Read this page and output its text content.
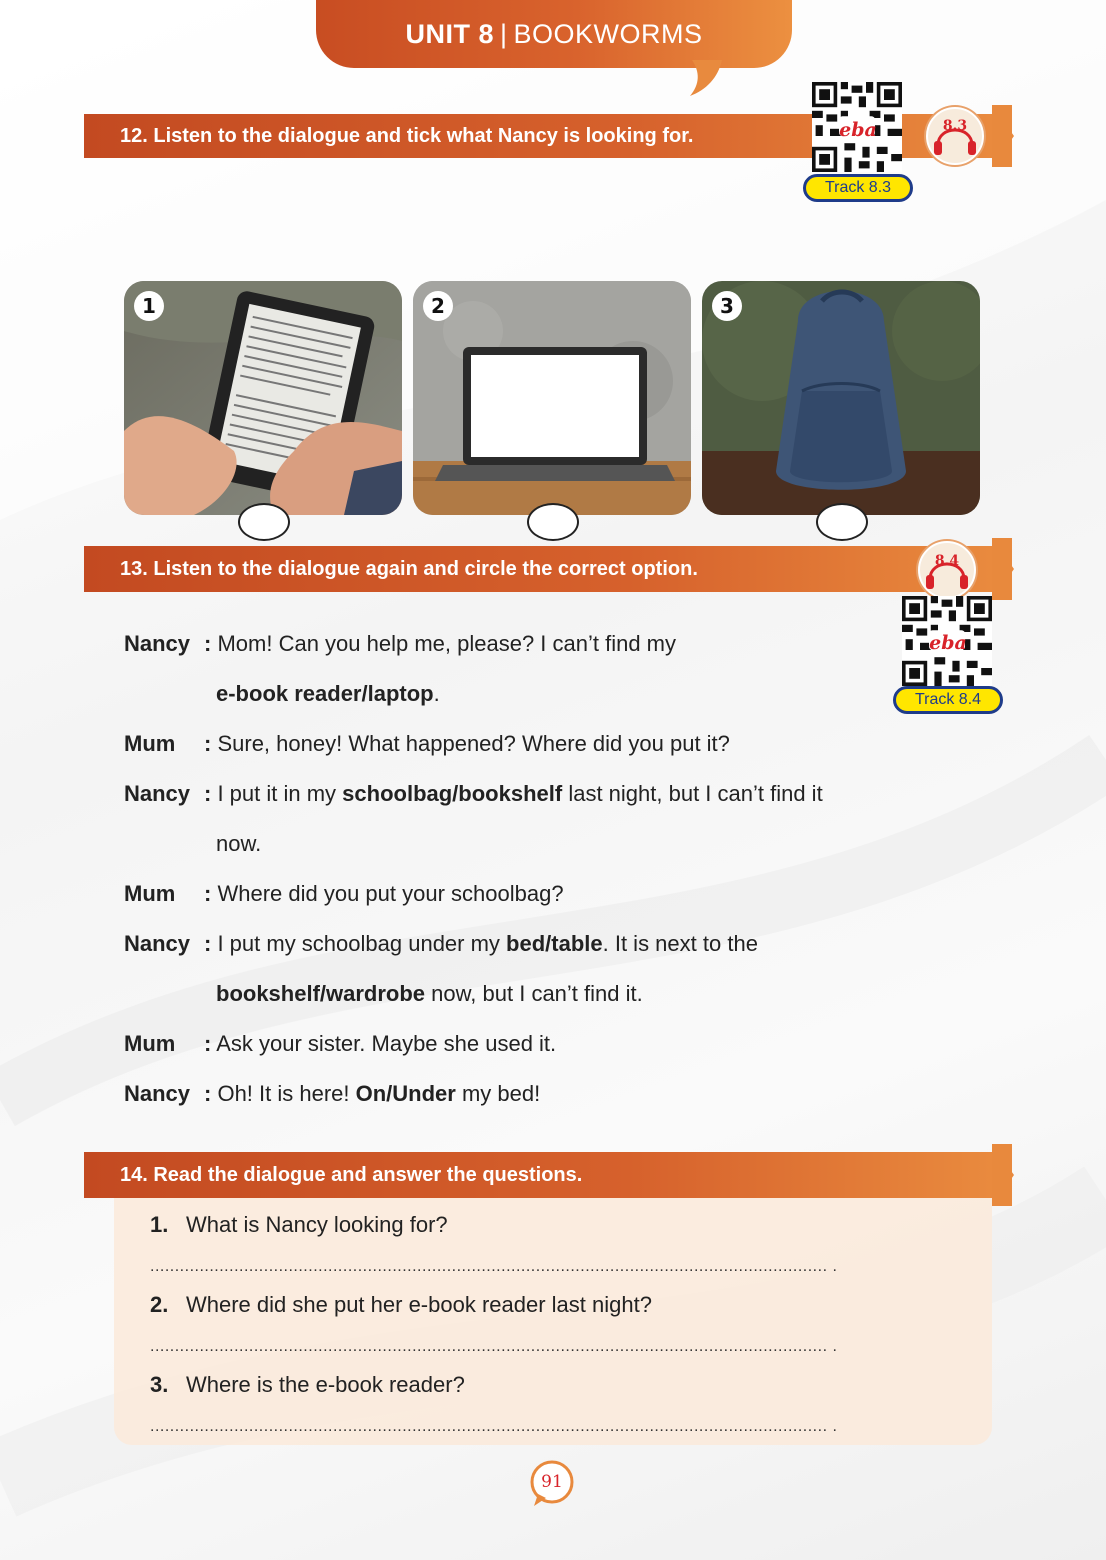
UNIT 8 | BOOKWORMS
12. Listen to the dialogue and tick what Nancy is looking for.	eba
Track 8.3
8.3
1	2	3
13. Listen to the dialogue again and circle the correct option.	8.4
eba
Track 8.4
Nancy : Mom! Can you help me, please? I can’t find my
e-book reader/laptop.
Mum : Sure, honey! What happened? Where did you put it?
Nancy : I put it in my schoolbag/bookshelf last night, but I can’t find it
now.
Mum : Where did you put your schoolbag?
Nancy : I put my schoolbag under my bed/table. It is next to the
bookshelf/wardrobe now, but I can’t find it.
Mum : Ask your sister. Maybe she used it.
Nancy : Oh! It is here! On/Under my bed!
14. Read the dialogue and answer the questions.
1. What is Nancy looking for?
......................................................................................................................................... .
2. Where did she put her e-book reader last night?
......................................................................................................................................... .
3. Where is the e-book reader?
......................................................................................................................................... .
91
